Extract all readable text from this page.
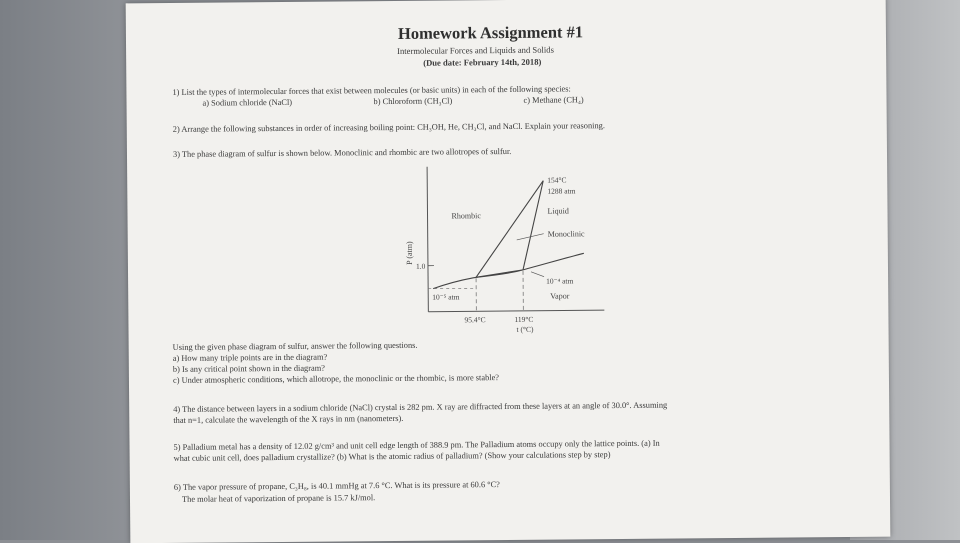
Homework Assignment #1
Intermolecular Forces and Liquids and Solids
(Due date: February 14th, 2018)
1) List the types of intermolecular forces that exist between molecules (or basic units) in each of the following species:
a) Sodium chloride (NaCl)	b) Chloroform (CH₃Cl)	c) Methane (CH₄)
2) Arrange the following substances in order of increasing boiling point: CH₃OH, He, CH₃Cl, and NaCl. Explain your reasoning.
3) The phase diagram of sulfur is shown below. Monoclinic and rhombic are two allotropes of sulfur.
P (atm)
1.0
154°C
1288 atm
Rhombic
Liquid
Monoclinic
Vapor
10⁻⁵ atm
10⁻⁴ atm
95.4°C	119°C
t (°C)
Using the given phase diagram of sulfur, answer the following questions.
a) How many triple points are in the diagram?
b) Is any critical point shown in the diagram?
c) Under atmospheric conditions, which allotrope, the monoclinic or the rhombic, is more stable?
4) The distance between layers in a sodium chloride (NaCl) crystal is 282 pm. X ray are diffracted from these layers at an angle of 30.0°. Assuming
that n=1, calculate the wavelength of the X rays in nm (nanometers).
5) Palladium metal has a density of 12.02 g/cm³ and unit cell edge length of 388.9 pm. The Palladium atoms occupy only the lattice points. (a) In
what cubic unit cell, does palladium crystallize? (b) What is the atomic radius of palladium? (Show your calculations step by step)
6) The vapor pressure of propane, C₃H₈, is 40.1 mmHg at 7.6 °C. What is its pressure at 60.6 °C?
The molar heat of vaporization of propane is 15.7 kJ/mol.
